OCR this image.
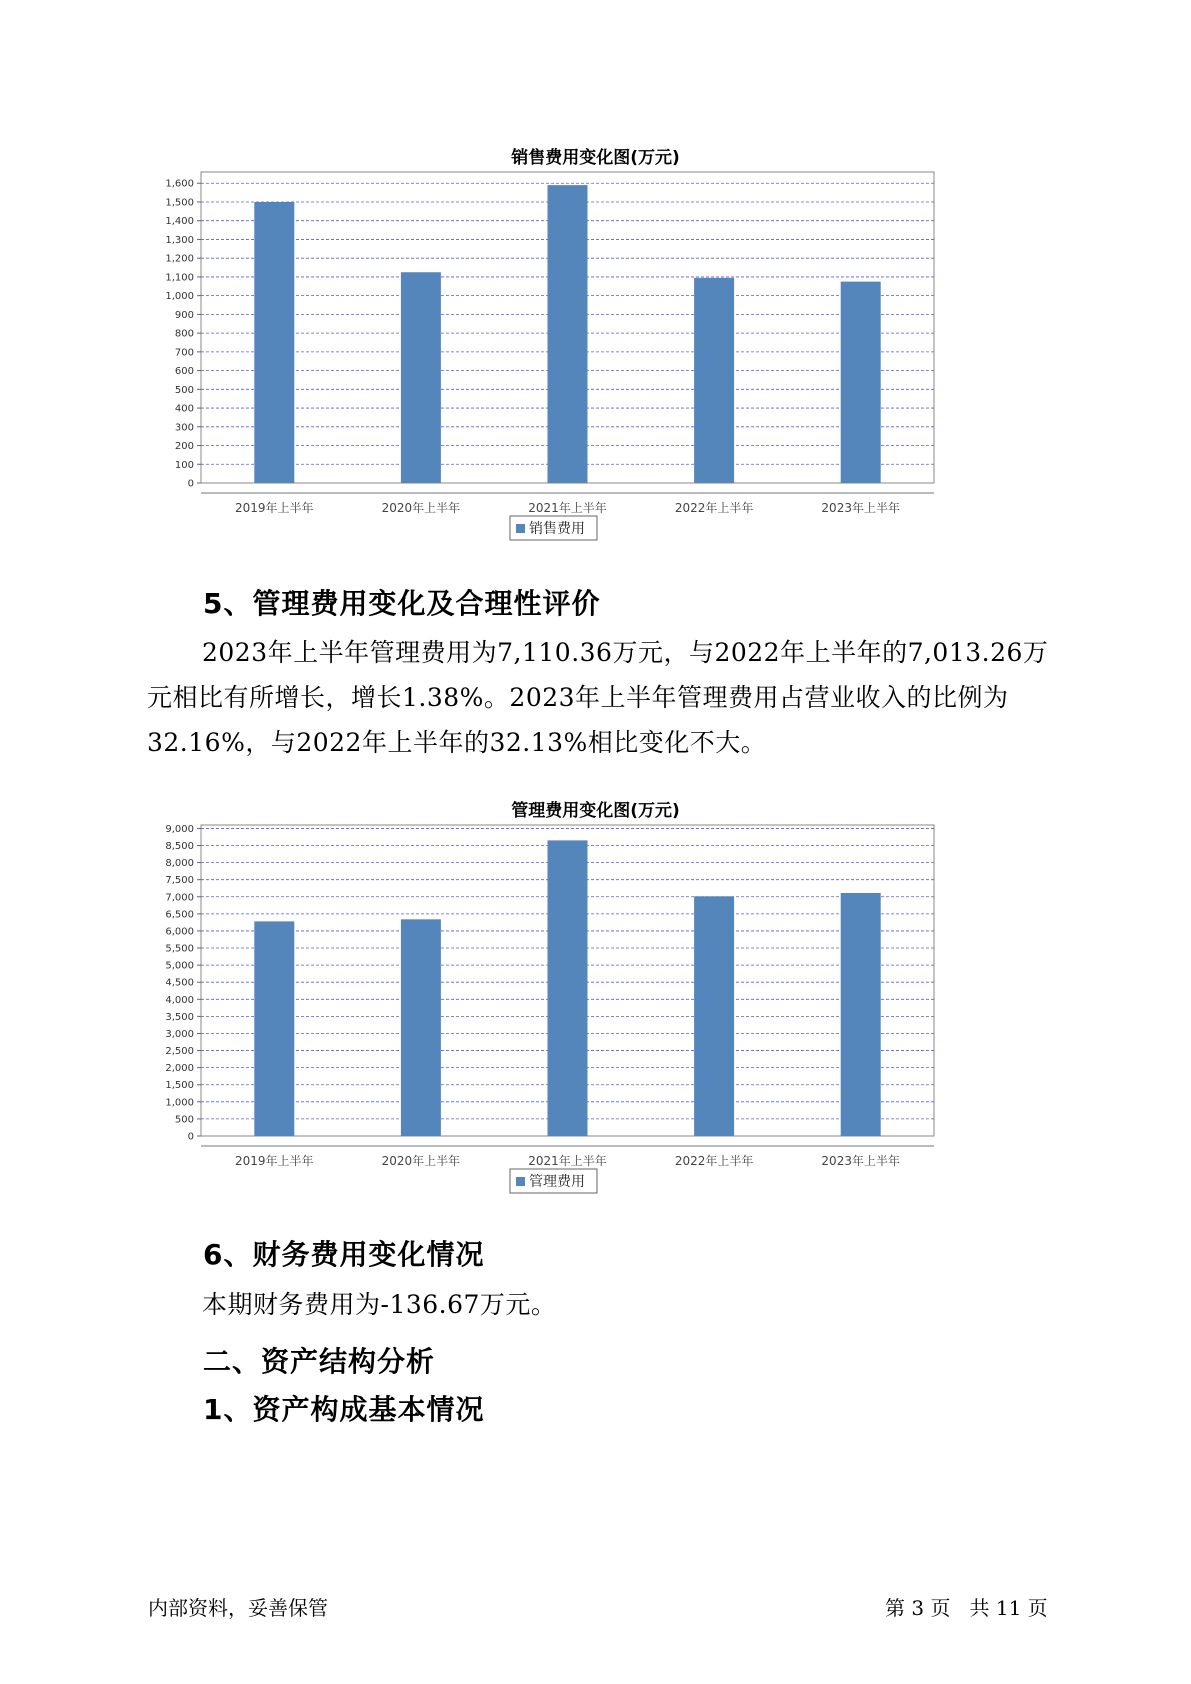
销售费用变化图(万元)
0
100
200
300
400
500
600
700
800
900
1,000
1,100
1,200
1,300
1,400
1,500
1,600
2019年上半年	2020年上半年	2021年上半年	2022年上半年	2023年上半年
销售费用
5、管理费用变化及合理性评价

2023年上半年管理费用为7,110.36万元，与2022年上半年的7,013.26万元相比有所增长，增长1.38%。2023年上半年管理费用占营业收入的比例为32.16%，与2022年上半年的32.13%相比变化不大。

管理费用变化图(万元)
0
500
1,000
1,500
2,000
2,500
3,000
3,500
4,000
4,500
5,000
5,500
6,000
6,500
7,000
7,500
8,000
8,500
9,000
2019年上半年	2020年上半年	2021年上半年	2022年上半年	2023年上半年
管理费用
6、财务费用变化情况

本期财务费用为-136.67万元。

二、资产结构分析
1、资产构成基本情况
内部资料，妥善保管	第 3 页   共 11 页
